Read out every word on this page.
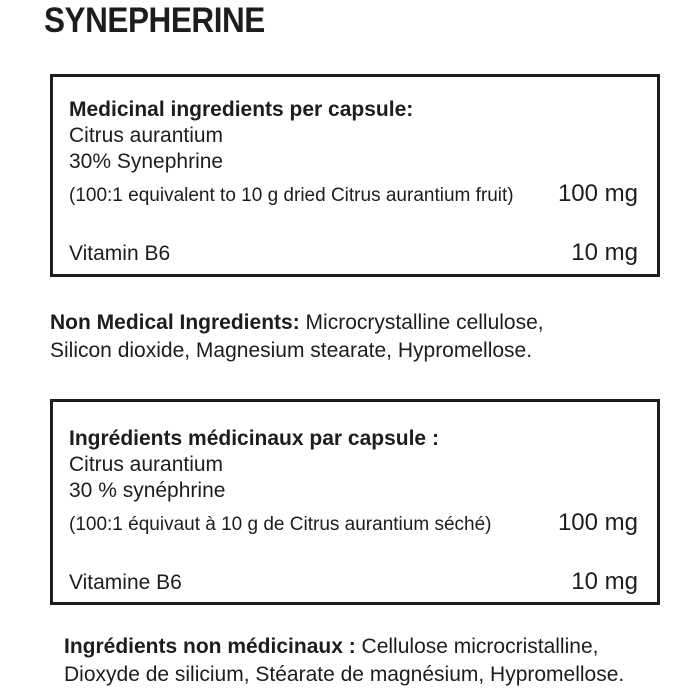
SYNEPHERINE
Medicinal ingredients per capsule:
Citrus aurantium
30% Synephrine
(100:1 equivalent to 10 g dried Citrus aurantium fruit) 100 mg
Vitamin B6	10 mg

Non Medical Ingredients: Microcrystalline cellulose,
Silicon dioxide, Magnesium stearate, Hypromellose.

Ingrédients médicinaux par capsule :
Citrus aurantium
30 % synéphrine
(100:1 équivaut à 10 g de Citrus aurantium séché)	100 mg
Vitamine B6	10 mg

Ingrédients non médicinaux : Cellulose microcristalline,
Dioxyde de silicium, Stéarate de magnésium, Hypromellose.
